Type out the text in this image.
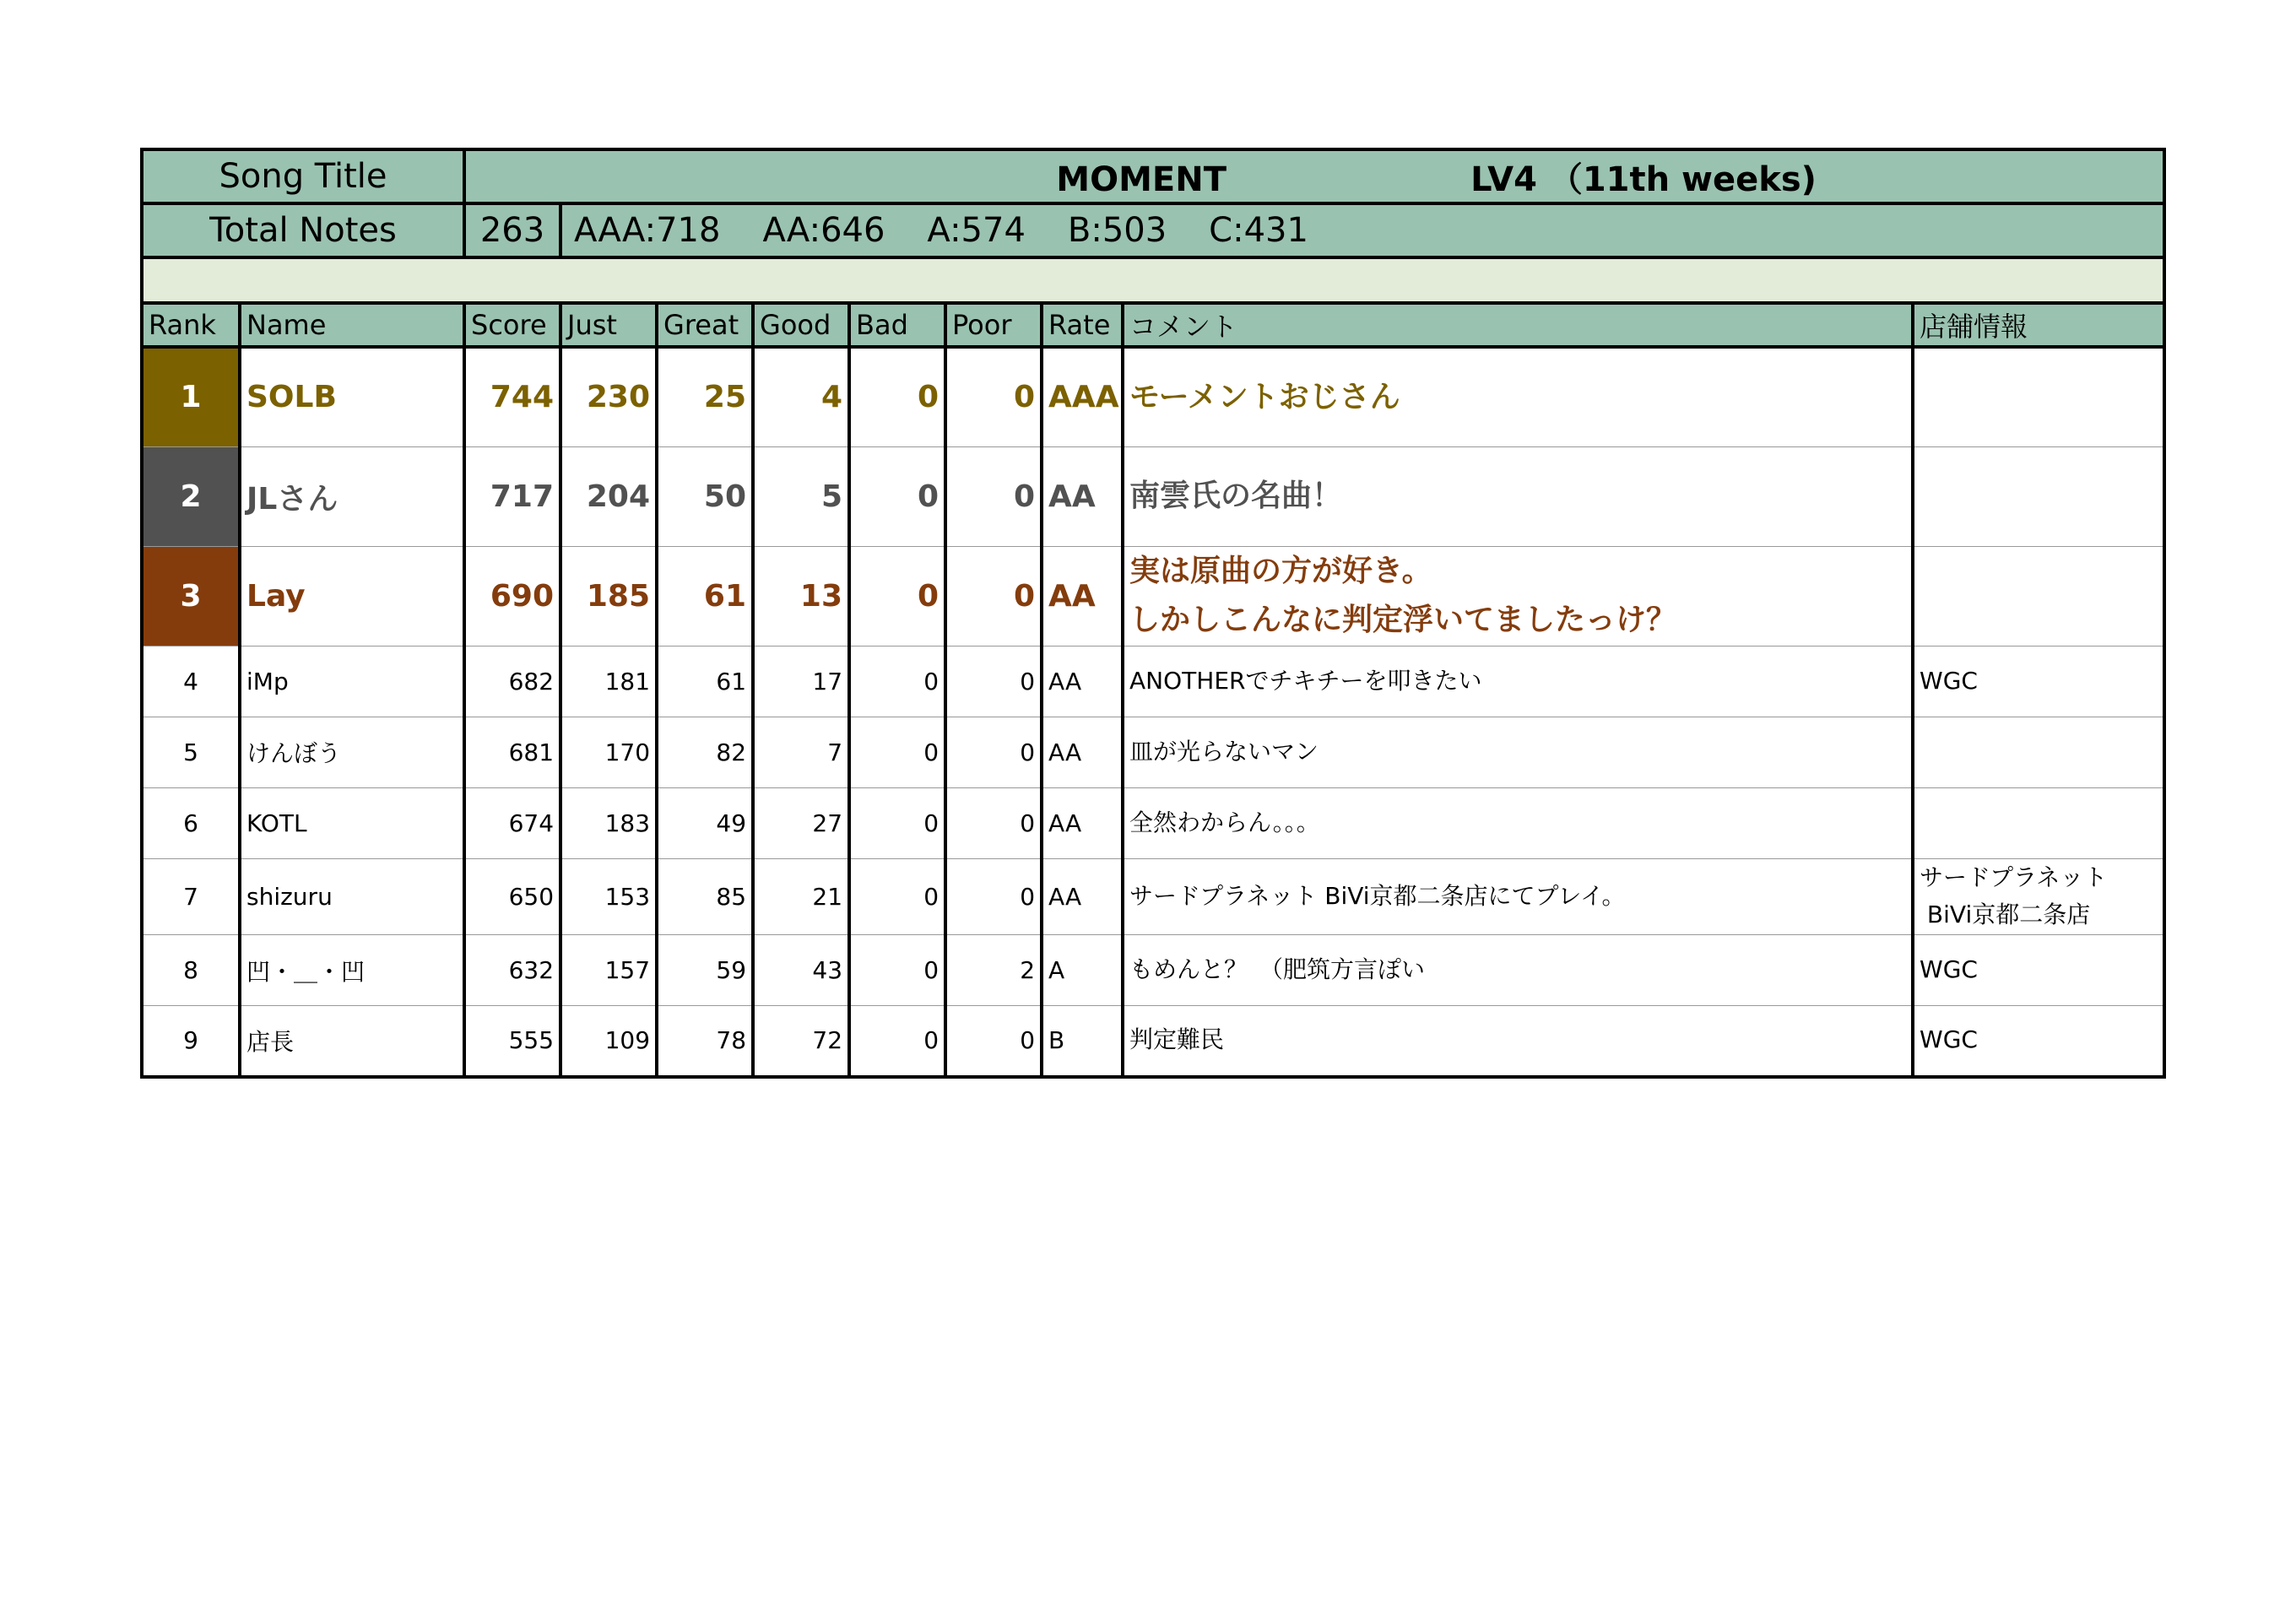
Song Title		MOMENT LV4 （11th weeks)								
Total Notes		263	AAA:718 AA:646 A:574 B:503 C:431							

Rank	Name	Score	Just	Great	Good	Bad	Poor	Rate	コメント	店舗情報
1	SOLB	744	230	25	4	0	0	AAA	モーメントおじさん	

2	JLさん	717	204	50	5	0	0	AA	南雲氏の名曲！	

3	Lay	690	185	61	13	0	0	AA	実は原曲の方が好き。
しかしこんなに判定浮いてましたっけ？	

4	iMp	682	181	61	17	0	0	AA	ANOTHERでチキチーを叩きたい	WGC

5	けんぼう	681	170	82	7	0	0	AA	皿が光らないマン	

6	KOTL	674	183	49	27	0	0	AA	全然わからん。。。	

7	shizuru	650	153	85	21	0	0	AA	サードプラネット BiVi京都二条店にてプレイ。	サードプラネット
BiVi京都二条店

8	凹・＿・凹	632	157	59	43	0	2	A	もめんと？　（肥筑方言ぽい	WGC

9	店長	555	109	78	72	0	0	B	判定難民	WGC
